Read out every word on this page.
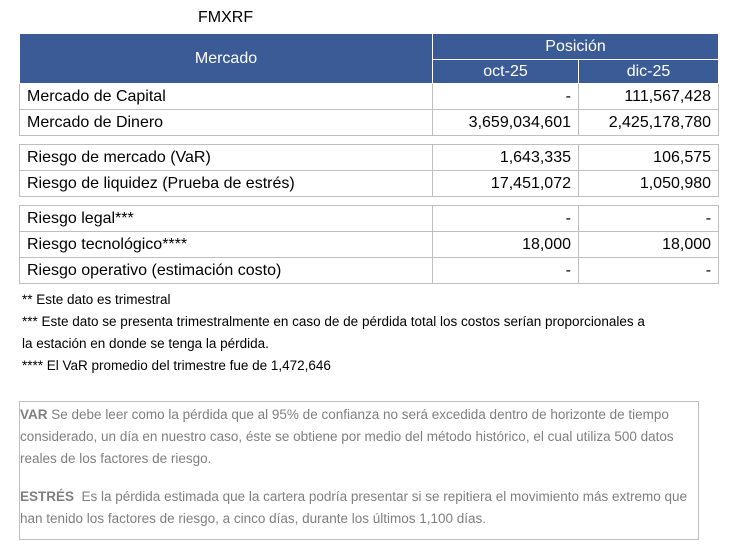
FMXRF
Mercado	Posición	
	oct-25	dic-25
Mercado de Capital	-	111,567,428
Mercado de Dinero	3,659,034,601	2,425,178,780

Riesgo de mercado (VaR)	1,643,335	106,575
Riesgo de liquidez (Prueba de estrés)	17,451,072	1,050,980

Riesgo legal***	-	-
Riesgo tecnológico****	18,000	18,000
Riesgo operativo (estimación costo)	-	-
** Este dato es trimestral
*** Este dato se presenta trimestralmente en caso de de pérdida total los costos serían proporcionales a
la estación en donde se tenga la pérdida.
**** El VaR promedio del trimestre fue de 1,472,646

VAR Se debe leer como la pérdida que al 95% de confianza no será excedida dentro de horizonte de tiempo considerado, un día en nuestro caso, éste se obtiene por medio del método histórico, el cual utiliza 500 datos reales de los factores de riesgo.

ESTRÉS  Es la pérdida estimada que la cartera podría presentar si se repitiera el movimiento más extremo que han tenido los factores de riesgo, a cinco días, durante los últimos 1,100 días.
